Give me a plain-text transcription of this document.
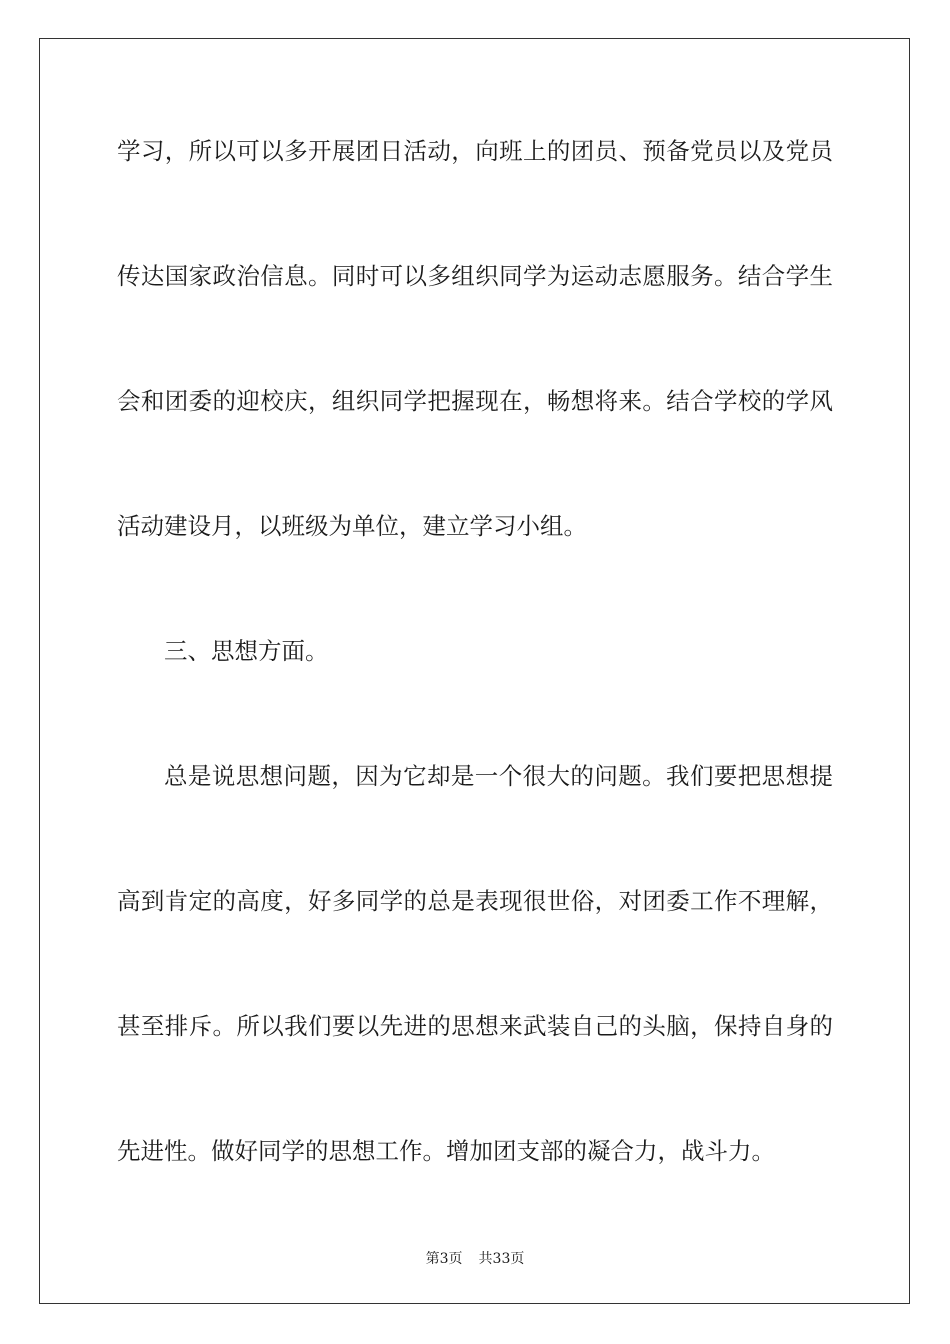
学习，所以可以多开展团日活动，向班上的团员、预备党员以及党员

传达国家政治信息。同时可以多组织同学为运动志愿服务。结合学生

会和团委的迎校庆，组织同学把握现在，畅想将来。结合学校的学风

活动建设月，以班级为单位，建立学习小组。

三、思想方面。

总是说思想问题，因为它却是一个很大的问题。我们要把思想提

高到肯定的高度，好多同学的总是表现很世俗，对团委工作不理解，

甚至排斥。所以我们要以先进的思想来武装自己的头脑，保持自身的

先进性。做好同学的思想工作。增加团支部的凝合力，战斗力。

第3页 共33页
